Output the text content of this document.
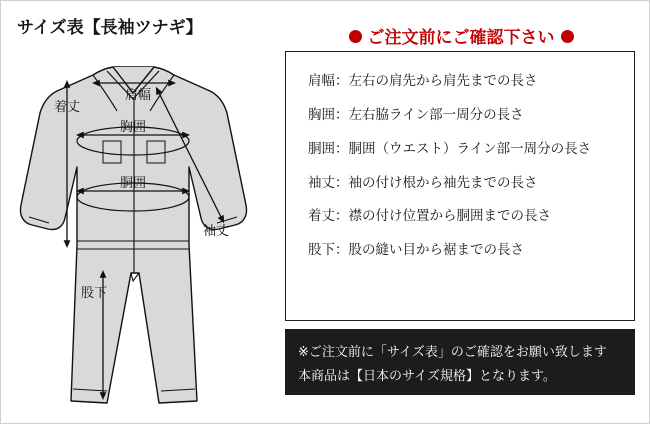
サイズ表【長袖ツナギ】
肩幅
着丈
胸囲
胴囲
袖丈
股下
ご注文前にご確認下さい
肩幅：左右の肩先から肩先までの長さ
胸囲：左右脇ライン部一周分の長さ
胴囲：胴囲（ウエスト）ライン部一周分の長さ
袖丈：袖の付け根から袖先までの長さ
着丈：襟の付け位置から胴囲までの長さ
股下：股の縫い目から裾までの長さ
※ご注文前に「サイズ表」のご確認をお願い致します
本商品は【日本のサイズ規格】となります。
